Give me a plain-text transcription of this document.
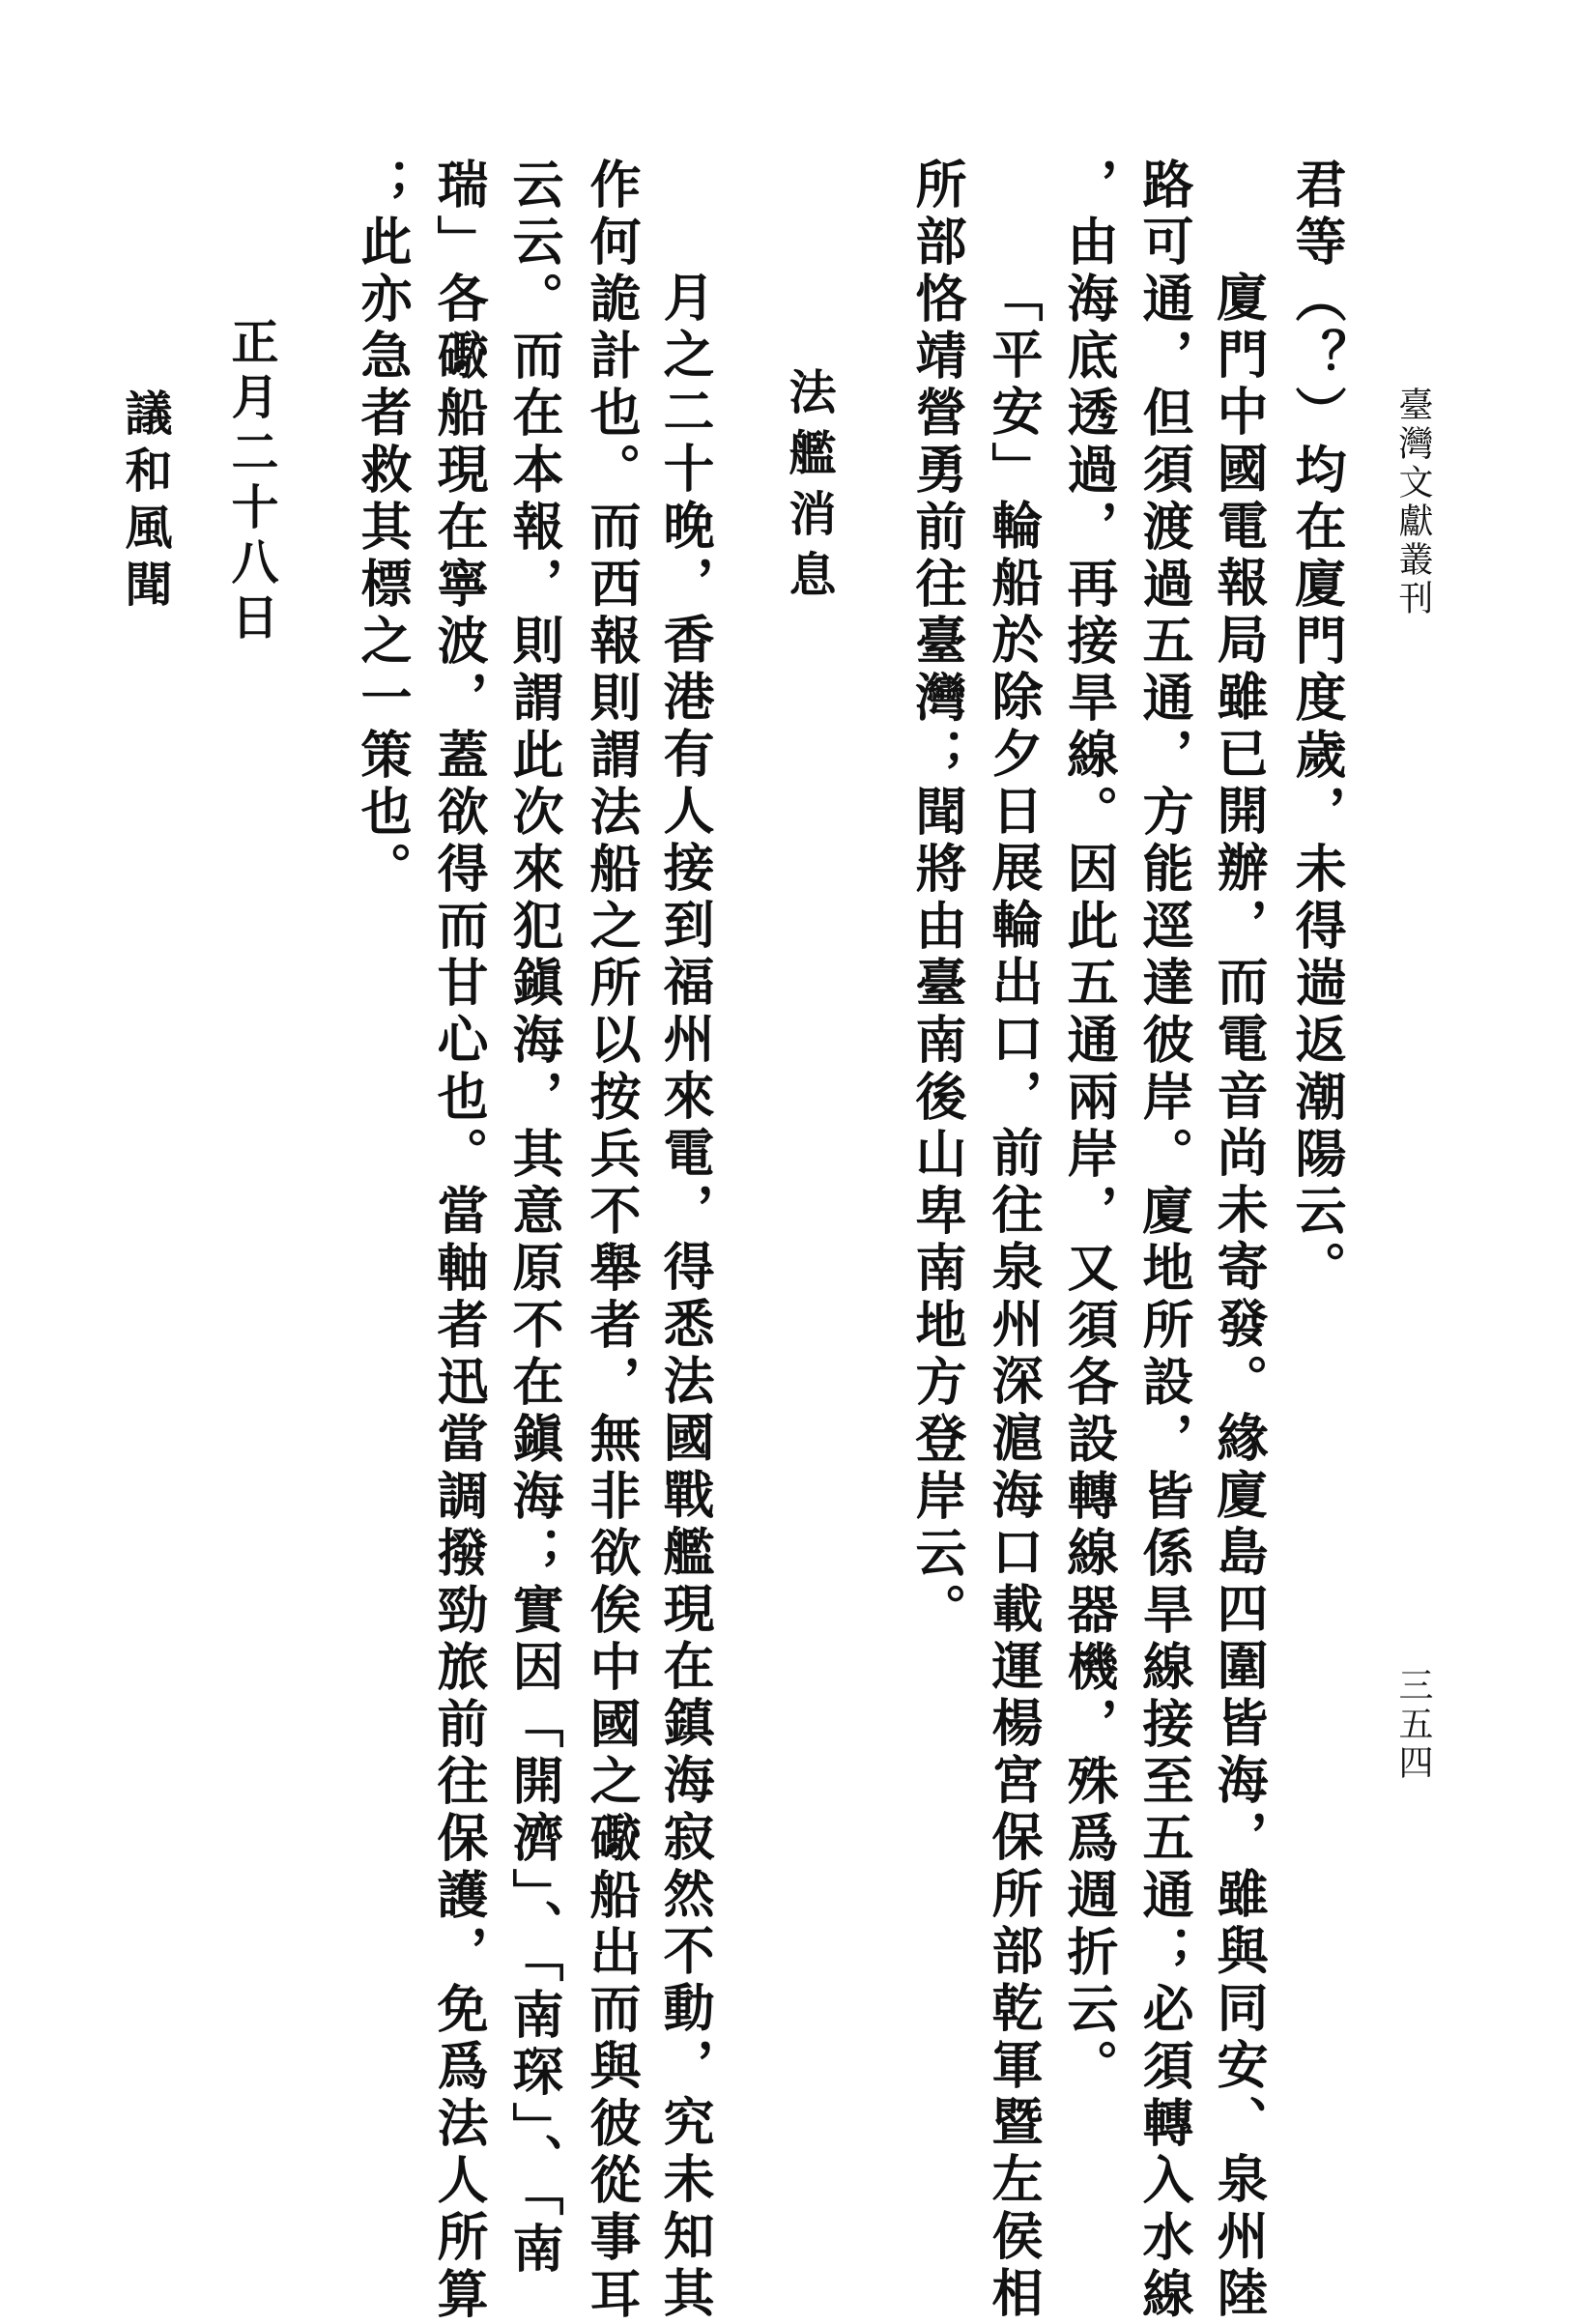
臺灣文獻叢刊
三五四
君等（？）均在廈門度歲，未得遄返潮陽云。
廈門中國電報局雖已開辦，而電音尚未寄發。緣廈島四圍皆海，雖與同安、泉州陸
路可通，但須渡過五通，方能逕達彼岸。廈地所設，皆係旱線接至五通；必須轉入水線
，由海底透過，再接旱線。因此五通兩岸，又須各設轉線器機，殊爲週折云。
「平安」輪船於除夕日展輪出口，前往泉州深滬海口載運楊宮保所部乾軍暨左侯相
所部恪靖營勇前往臺灣；聞將由臺南後山卑南地方登岸云。
法艦消息
月之二十晚，香港有人接到福州來電，得悉法國戰艦現在鎮海寂然不動，究未知其
作何詭計也。而西報則謂法船之所以按兵不舉者，無非欲俟中國之礮船出而與彼從事耳
云云。而在本報，則謂此次來犯鎭海，其意原不在鎭海；實因「開濟」、「南琛」、「南
瑞」各礮船現在寧波，蓋欲得而甘心也。當軸者迅當調撥勁旅前往保護，免爲法人所算
；此亦急者救其標之一策也。
正月二十八日
議和風聞
